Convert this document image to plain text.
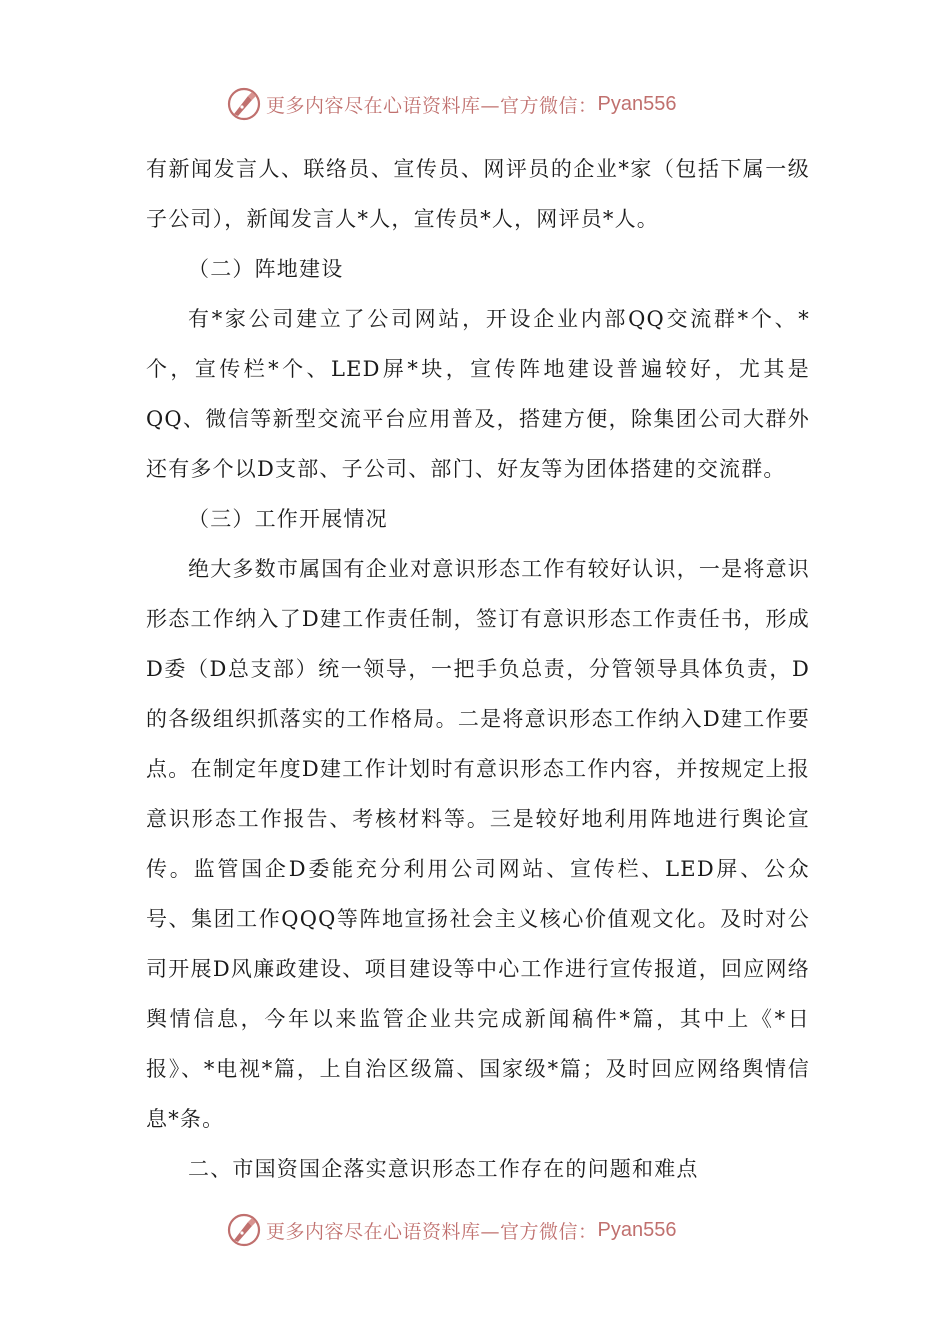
更多内容尽在心语资料库—官方微信： Pyan556

有新闻发言人、联络员、宣传员、网评员的企业*家（包括下属一级子公司），新闻发言人*人，宣传员*人，网评员*人。

（二）阵地建设

有*家公司建立了公司网站，开设企业内部QQ交流群*个、*个，宣传栏*个、LED屏*块，宣传阵地建设普遍较好，尤其是QQ、微信等新型交流平台应用普及，搭建方便，除集团公司大群外还有多个以D支部、子公司、部门、好友等为团体搭建的交流群。

（三）工作开展情况

绝大多数市属国有企业对意识形态工作有较好认识，一是将意识形态工作纳入了D建工作责任制，签订有意识形态工作责任书，形成D委（D总支部）统一领导，一把手负总责，分管领导具体负责，D的各级组织抓落实的工作格局。二是将意识形态工作纳入D建工作要点。在制定年度D建工作计划时有意识形态工作内容，并按规定上报意识形态工作报告、考核材料等。三是较好地利用阵地进行舆论宣传。监管国企D委能充分利用公司网站、宣传栏、LED屏、公众号、集团工作QQQ等阵地宣扬社会主义核心价值观文化。及时对公司开展D风廉政建设、项目建设等中心工作进行宣传报道，回应网络舆情信息，今年以来监管企业共完成新闻稿件*篇，其中上《*日报》、*电视*篇，上自治区级篇、国家级*篇；及时回应网络舆情信息*条。

二、市国资国企落实意识形态工作存在的问题和难点

更多内容尽在心语资料库—官方微信： Pyan556
